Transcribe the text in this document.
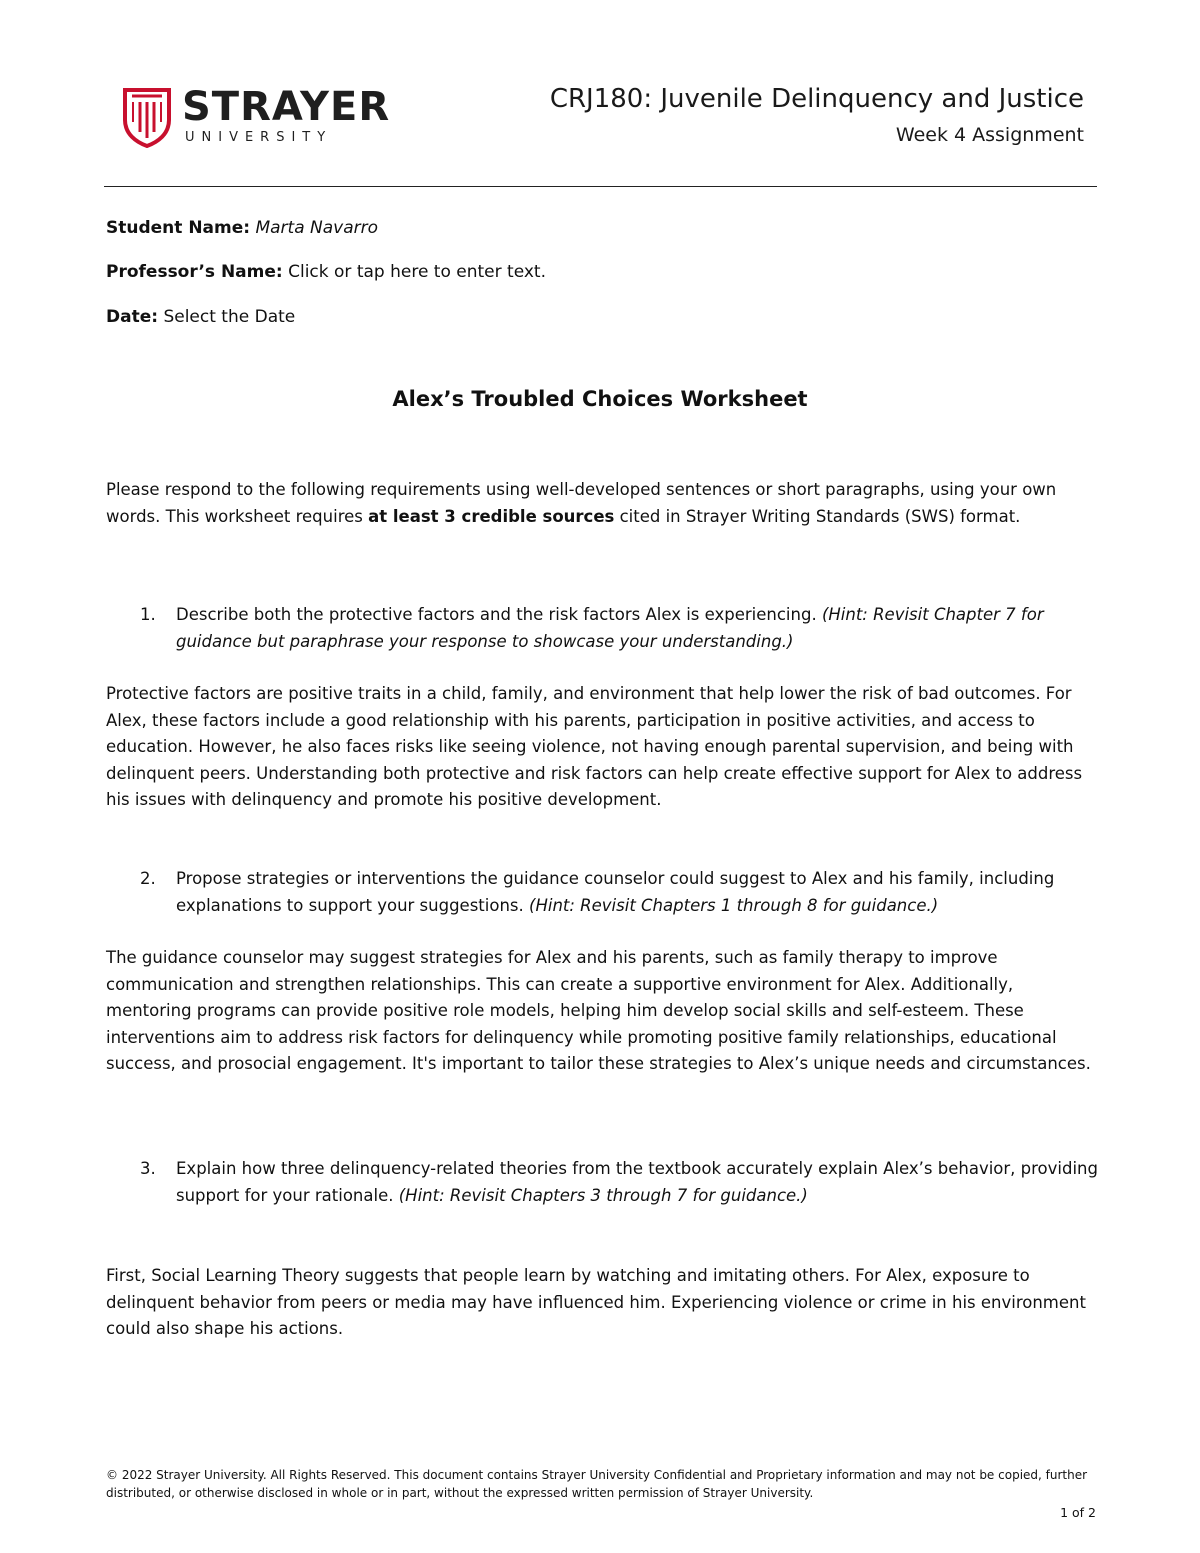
STRAYER
UNIVERSITY
CRJ180: Juvenile Delinquency and Justice
Week 4 Assignment
Student Name: Marta Navarro
Professor’s Name: Click or tap here to enter text.
Date: Select the Date
Alex’s Troubled Choices Worksheet
Please respond to the following requirements using well-developed sentences or short paragraphs, using your own words. This worksheet requires at least 3 credible sources cited in Strayer Writing Standards (SWS) format.
1. Describe both the protective factors and the risk factors Alex is experiencing. (Hint: Revisit Chapter 7 for guidance but paraphrase your response to showcase your understanding.)
Protective factors are positive traits in a child, family, and environment that help lower the risk of bad outcomes. For Alex, these factors include a good relationship with his parents, participation in positive activities, and access to education. However, he also faces risks like seeing violence, not having enough parental supervision, and being with delinquent peers. Understanding both protective and risk factors can help create effective support for Alex to address his issues with delinquency and promote his positive development.
2. Propose strategies or interventions the guidance counselor could suggest to Alex and his family, including explanations to support your suggestions. (Hint: Revisit Chapters 1 through 8 for guidance.)
The guidance counselor may suggest strategies for Alex and his parents, such as family therapy to improve communication and strengthen relationships. This can create a supportive environment for Alex. Additionally, mentoring programs can provide positive role models, helping him develop social skills and self-esteem. These interventions aim to address risk factors for delinquency while promoting positive family relationships, educational success, and prosocial engagement. It's important to tailor these strategies to Alex’s unique needs and circumstances.
3. Explain how three delinquency-related theories from the textbook accurately explain Alex’s behavior, providing support for your rationale. (Hint: Revisit Chapters 3 through 7 for guidance.)
First, Social Learning Theory suggests that people learn by watching and imitating others. For Alex, exposure to delinquent behavior from peers or media may have influenced him. Experiencing violence or crime in his environment could also shape his actions.
© 2022 Strayer University. All Rights Reserved. This document contains Strayer University Confidential and Proprietary information and may not be copied, further distributed, or otherwise disclosed in whole or in part, without the expressed written permission of Strayer University.
1 of 2
